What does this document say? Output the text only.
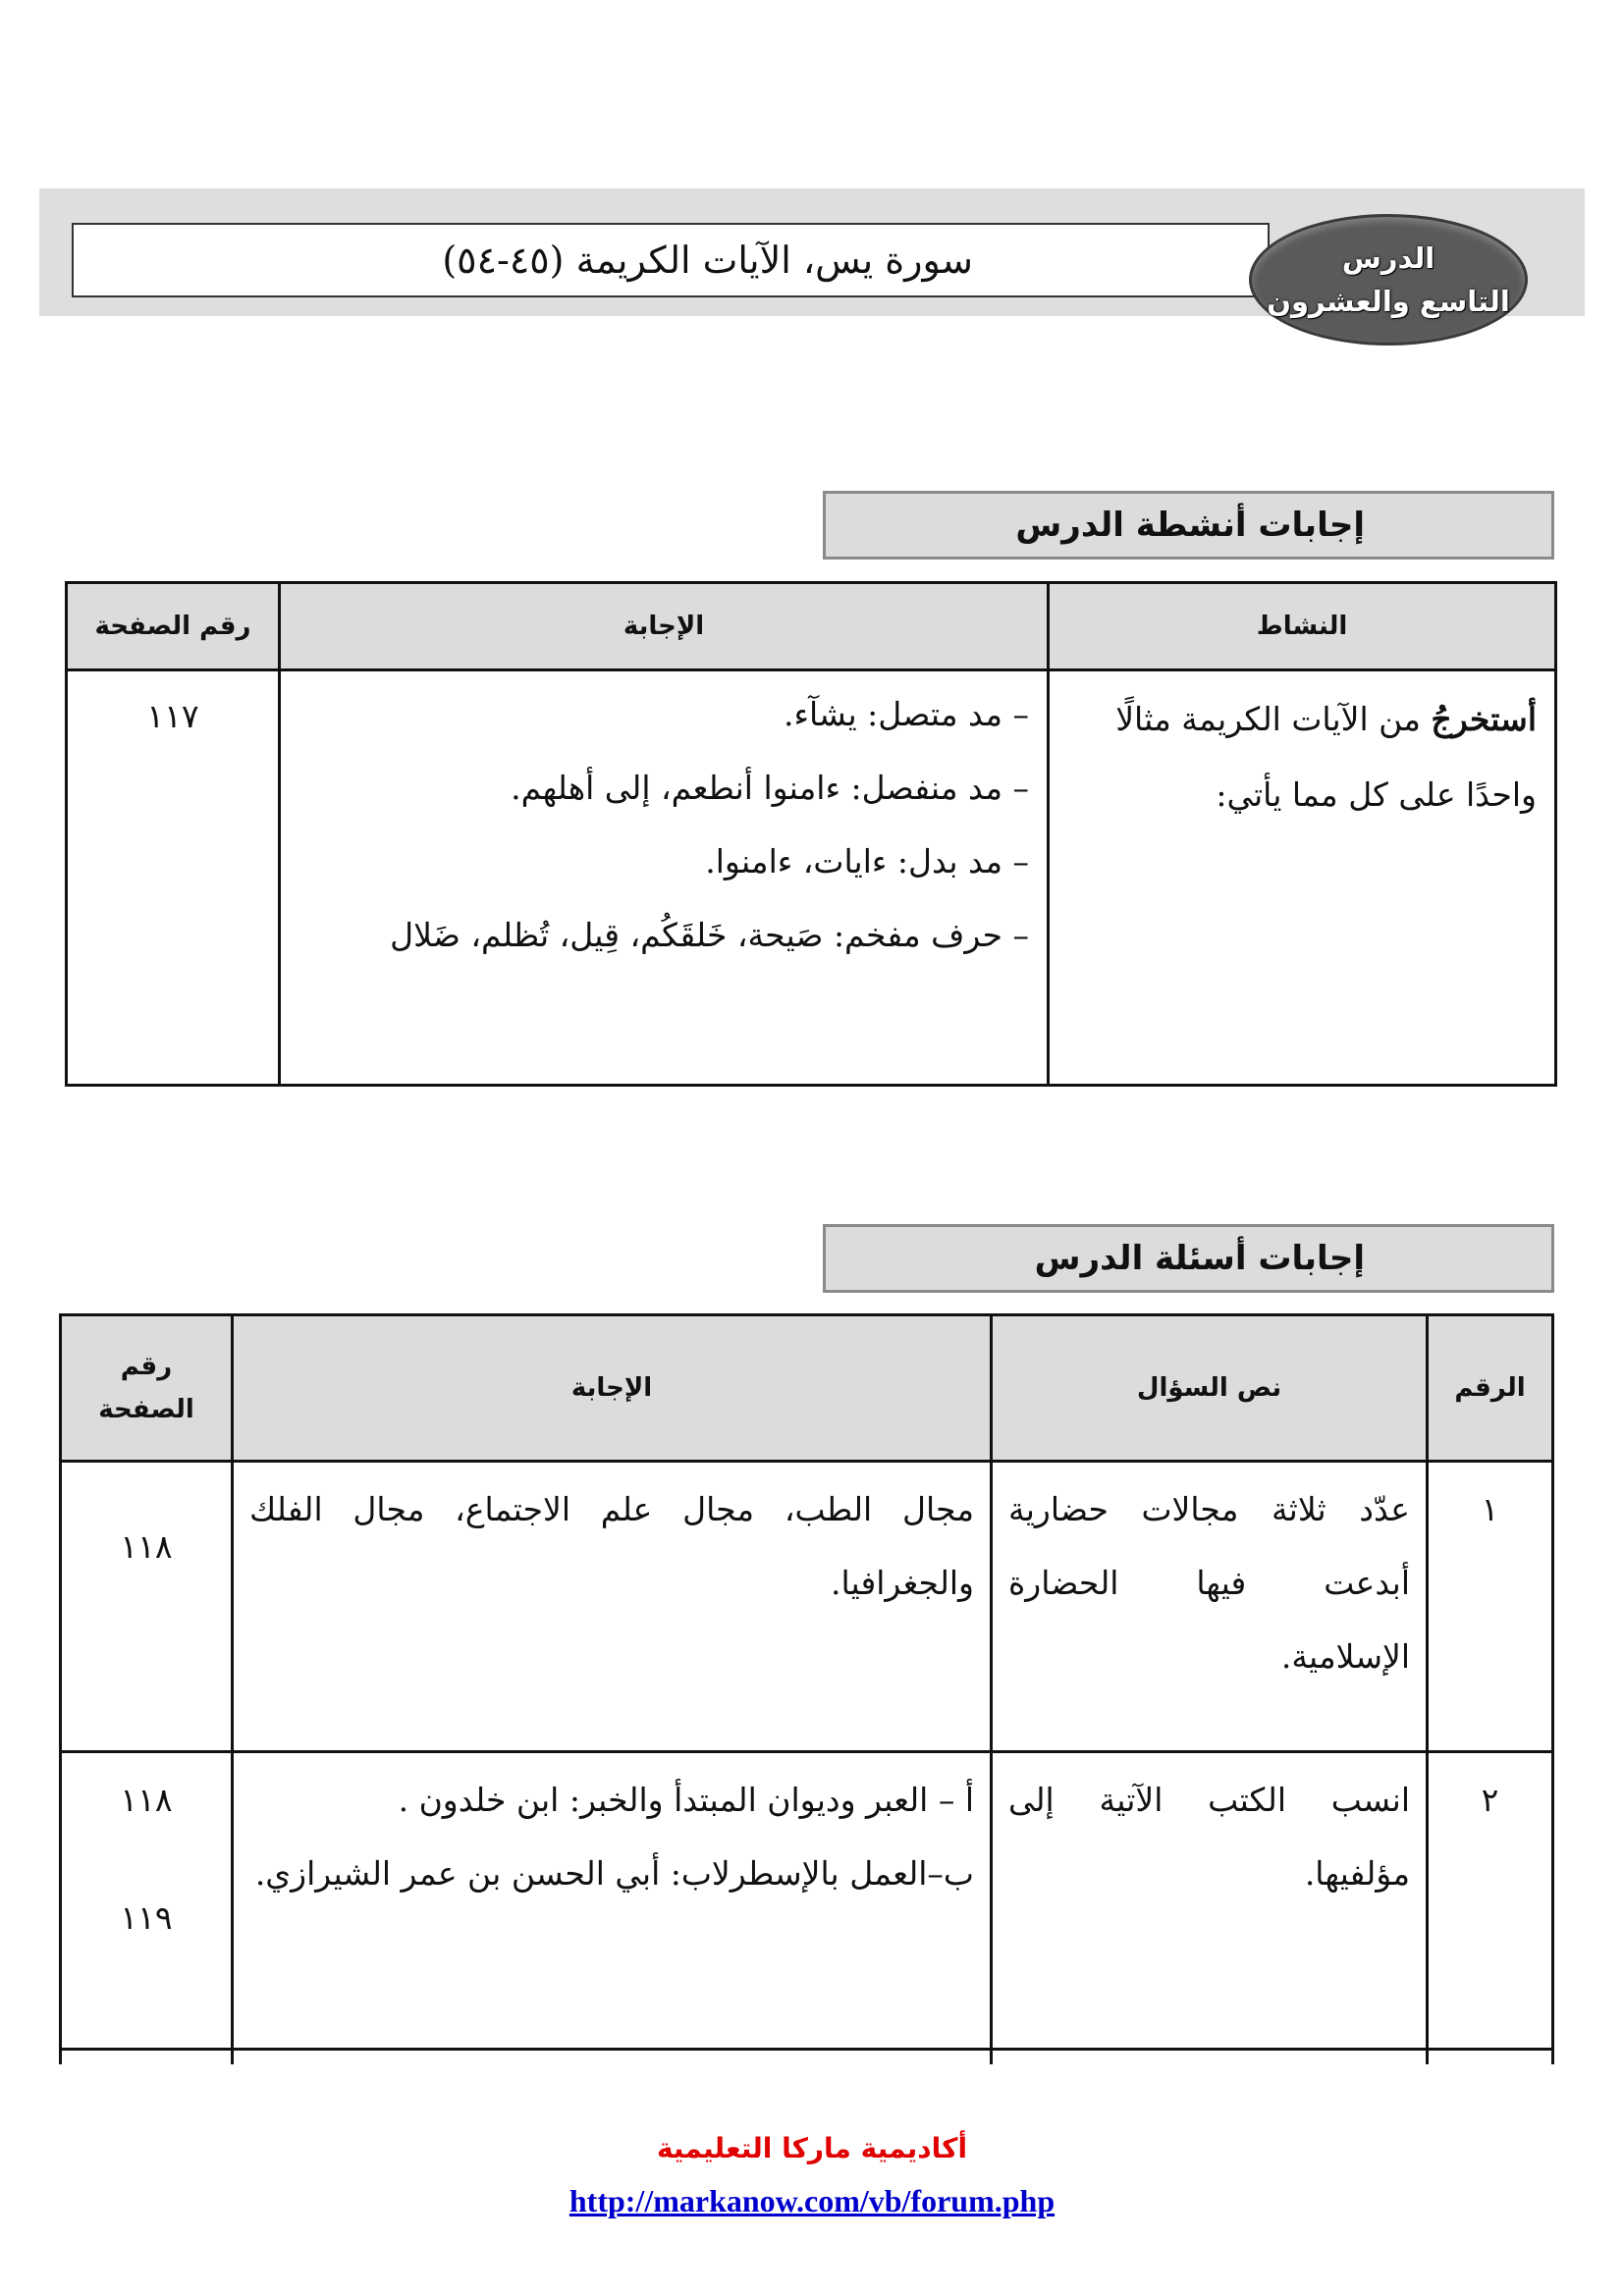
سورة يس، الآيات الكريمة (٤٥-٥٤)	الدرس
التاسع والعشرون
إجابات أنشطة الدرس
النشاط	الإجابة	رقم الصفحة
أستخرجُ من الآيات الكريمة مثالًا واحدًا على كل مما يأتي:	– مد متصل: يشآء.
– مد منفصل: ءامنوا أنطعم، إلى أهلهم.
– مد بدل: ءايات، ءامنوا.
– حرف مفخم: صَيحة، خَلقَكُم، قِيل، تُظلم، ضَلال	١١٧
إجابات أسئلة الدرس
الرقم	نص السؤال	الإجابة	رقم
الصفحة

١	عدّد ثلاثة مجالات حضارية أبدعت فيها الحضارة الإسلامية.	مجال الطب، مجال علم الاجتماع، مجال الفلك والجغرافيا.	١١٨
٢	انسب الكتب الآتية إلى مؤلفيها.	أ – العبر وديوان المبتدأ والخبر: ابن خلدون .
ب–العمل بالإسطرلاب: أبي الحسن بن عمر الشيرازي.	١١٨
١١٩

أكاديمية ماركا التعليمية
http://markanow.com/vb/forum.php
